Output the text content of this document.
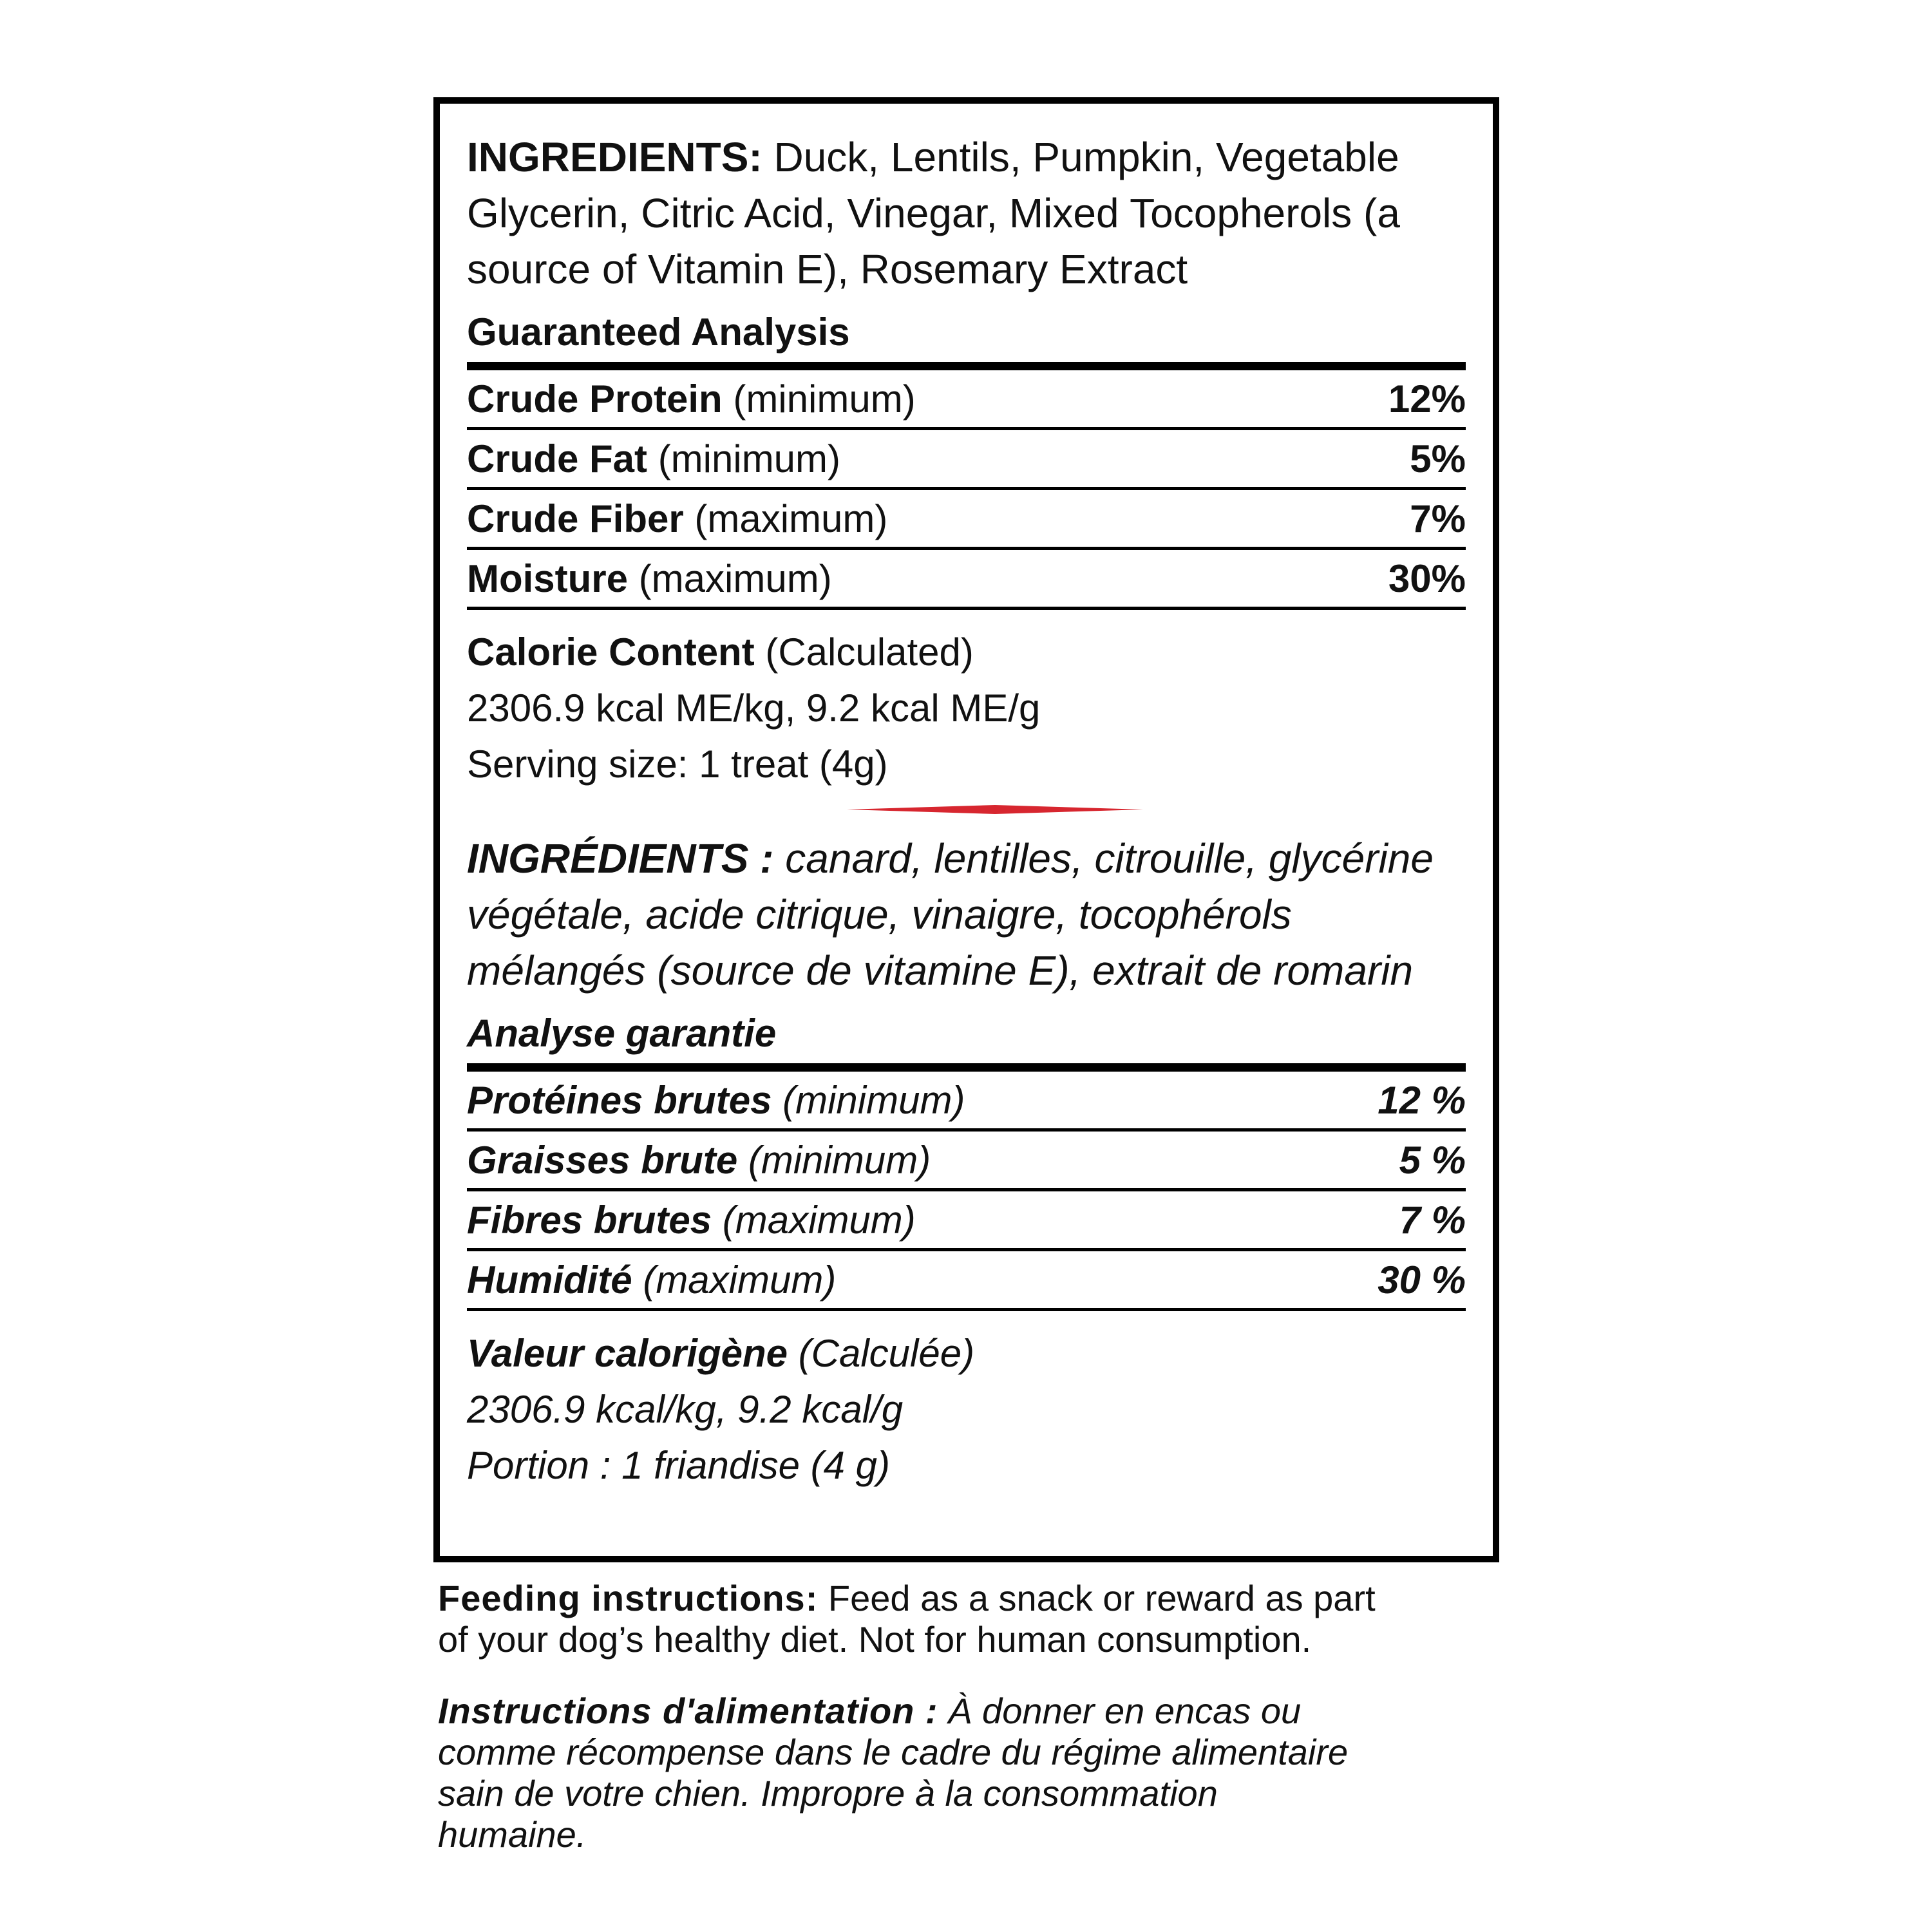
INGREDIENTS: Duck, Lentils, Pumpkin, Vegetable
Glycerin, Citric Acid, Vinegar, Mixed Tocopherols (a
source of Vitamin E), Rosemary Extract

Guaranteed Analysis

Crude Protein (minimum)	12%
Crude Fat (minimum)	5%
Crude Fiber (maximum)	7%
Moisture (maximum)	30%

Calorie Content (Calculated)

2306.9 kcal ME/kg, 9.2 kcal ME/g

Serving size: 1 treat (4g)

INGRÉDIENTS : canard, lentilles, citrouille, glycérine
végétale, acide citrique, vinaigre, tocophérols
mélangés (source de vitamine E), extrait de romarin

Analyse garantie

Protéines brutes (minimum)	12 %
Graisses brute (minimum)	5 %
Fibres brutes (maximum)	7 %
Humidité (maximum)	30 %

Valeur calorigène (Calculée)

2306.9 kcal/kg, 9.2 kcal/g

Portion : 1 friandise (4 g)

Feeding instructions: Feed as a snack or reward as part
of your dog’s healthy diet. Not for human consumption.

Instructions d'alimentation : À donner en encas ou
comme récompense dans le cadre du régime alimentaire
sain de votre chien. Impropre à la consommation
humaine.
